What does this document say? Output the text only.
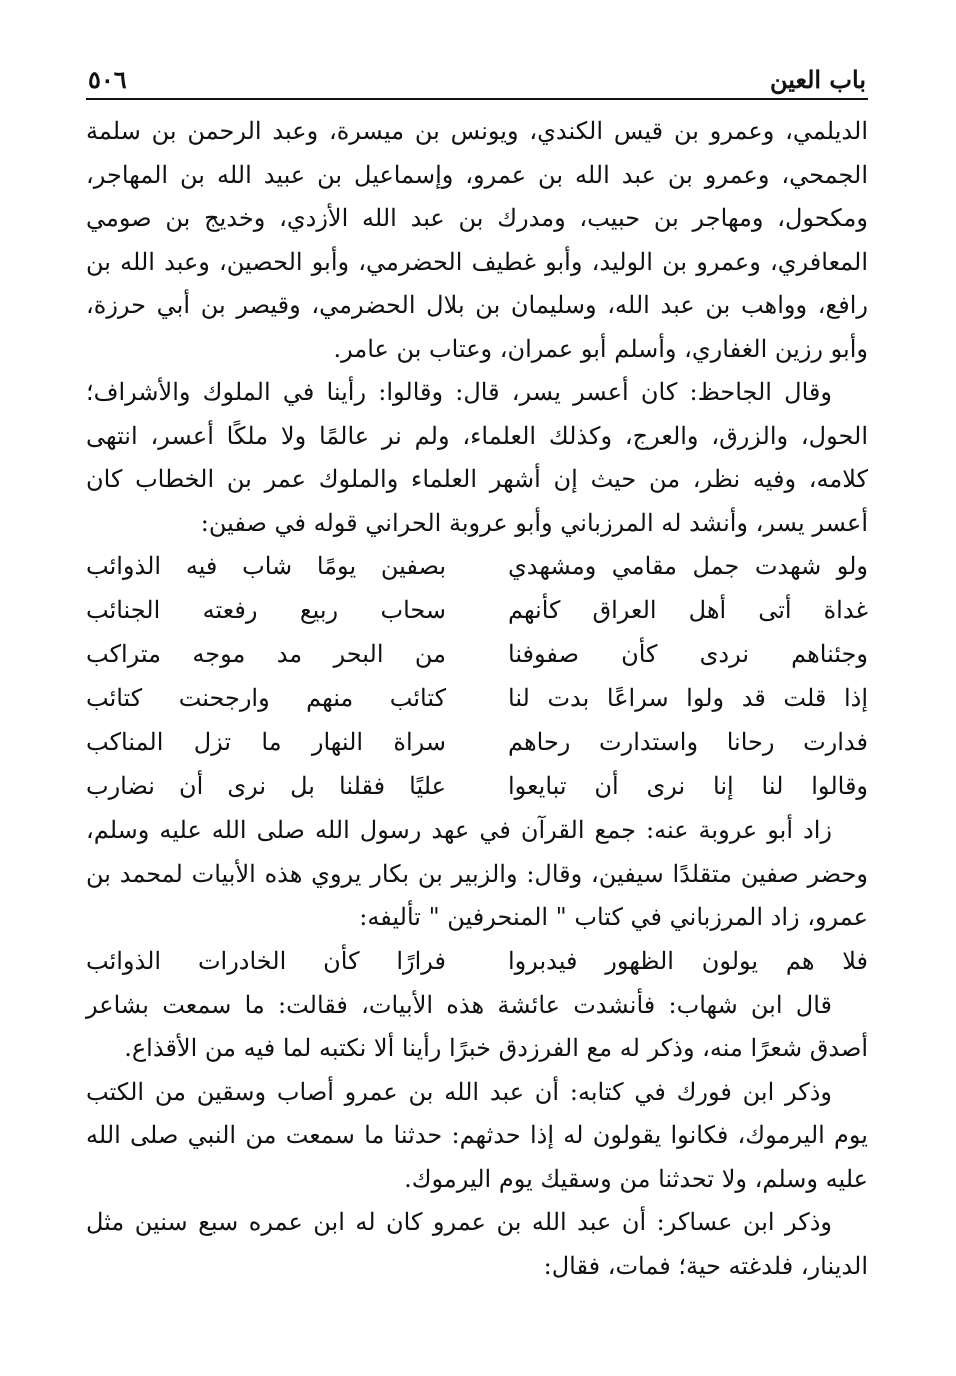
باب العين
٥٠٦

الديلمي، وعمرو بن قيس الكندي، ويونس بن ميسرة، وعبد الرحمن بن سلمة الجمحي، وعمرو بن عبد الله بن عمرو، وإسماعيل بن عبيد الله بن المهاجر، ومكحول، ومهاجر بن حبيب، ومدرك بن عبد الله الأزدي، وخديج بن صومي المعافري، وعمرو بن الوليد، وأبو غطيف الحضرمي، وأبو الحصين، وعبد الله بن رافع، وواهب بن عبد الله، وسليمان بن بلال الحضرمي، وقيصر بن أبي حرزة، وأبو رزين الغفاري، وأسلم أبو عمران، وعتاب بن عامر.

وقال الجاحظ: كان أعسر يسر، قال: وقالوا: رأينا في الملوك والأشراف؛ الحول، والزرق، والعرج، وكذلك العلماء، ولم نر عالمًا ولا ملكًا أعسر، انتهى كلامه، وفيه نظر، من حيث إن أشهر العلماء والملوك عمر بن الخطاب كان أعسر يسر، وأنشد له المرزباني وأبو عروبة الحراني قوله في صفين:

ولو شهدت جمل مقامي ومشهدي
بصفين يومًا شاب فيه الذوائب
غداة أتى أهل العراق كأنهم
سحاب ربيع رفعته الجنائب
وجئناهم نردى كأن صفوفنا
من البحر مد موجه متراكب
إذا قلت قد ولوا سراعًا بدت لنا
كتائب منهم وارجحنت كتائب
فدارت رحانا واستدارت رحاهم
سراة النهار ما تزل المناكب
وقالوا لنا إنا نرى أن تبايعوا
عليًا فقلنا بل نرى أن نضارب

زاد أبو عروبة عنه: جمع القرآن في عهد رسول الله صلى الله عليه وسلم، وحضر صفين متقلدًا سيفين، وقال: والزبير بن بكار يروي هذه الأبيات لمحمد بن عمرو، زاد المرزباني في كتاب " المنحرفين " تأليفه:

فلا هم يولون الظهور فيدبروا
فرارًا كأن الخادرات الذوائب

قال ابن شهاب: فأنشدت عائشة هذه الأبيات، فقالت: ما سمعت بشاعر أصدق شعرًا منه، وذكر له مع الفرزدق خبرًا رأينا ألا نكتبه لما فيه من الأقذاع.

وذكر ابن فورك في كتابه: أن عبد الله بن عمرو أصاب وسقين من الكتب يوم اليرموك، فكانوا يقولون له إذا حدثهم: حدثنا ما سمعت من النبي صلى الله عليه وسلم، ولا تحدثنا من وسقيك يوم اليرموك.

وذكر ابن عساكر: أن عبد الله بن عمرو كان له ابن عمره سبع سنين مثل الدينار، فلدغته حية؛ فمات، فقال:
